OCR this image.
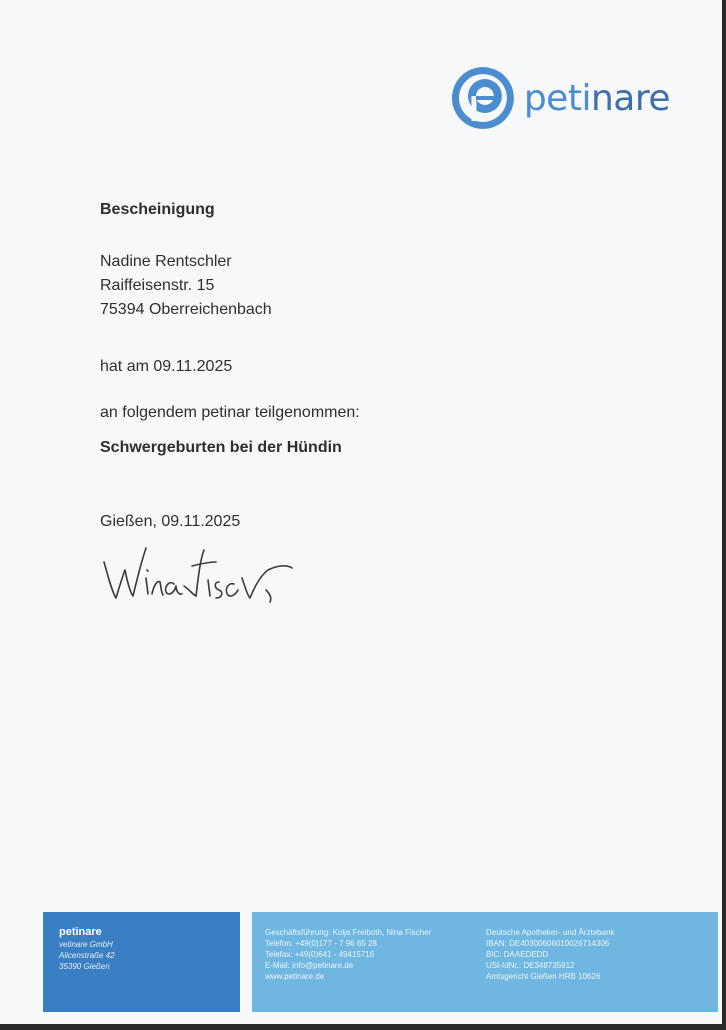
petinare
Bescheinigung
Nadine Rentschler
Raiffeisenstr. 15
75394 Oberreichenbach
hat am 09.11.2025
an folgendem petinar teilgenommen:
Schwergeburten bei der Hündin
Gießen, 09.11.2025
petinare
vetinare GmbH
Alicenstraße 42
35390 Gießen
Geschäftsführung: Kolja Freiboth, Nina Fischer
Telefon: +49(0)177 - 7 96 65 28
Telefax: +49(0)641 - 49415716
E-Mail: info@petinare.de
www.petinare.de
Deutsche Apotheker- und Ärztebank
IBAN: DE40300606010026714306
BIC: DAAEDEDD
USt-IdNr.: DE348735912
Amtsgericht Gießen HRB 10626
